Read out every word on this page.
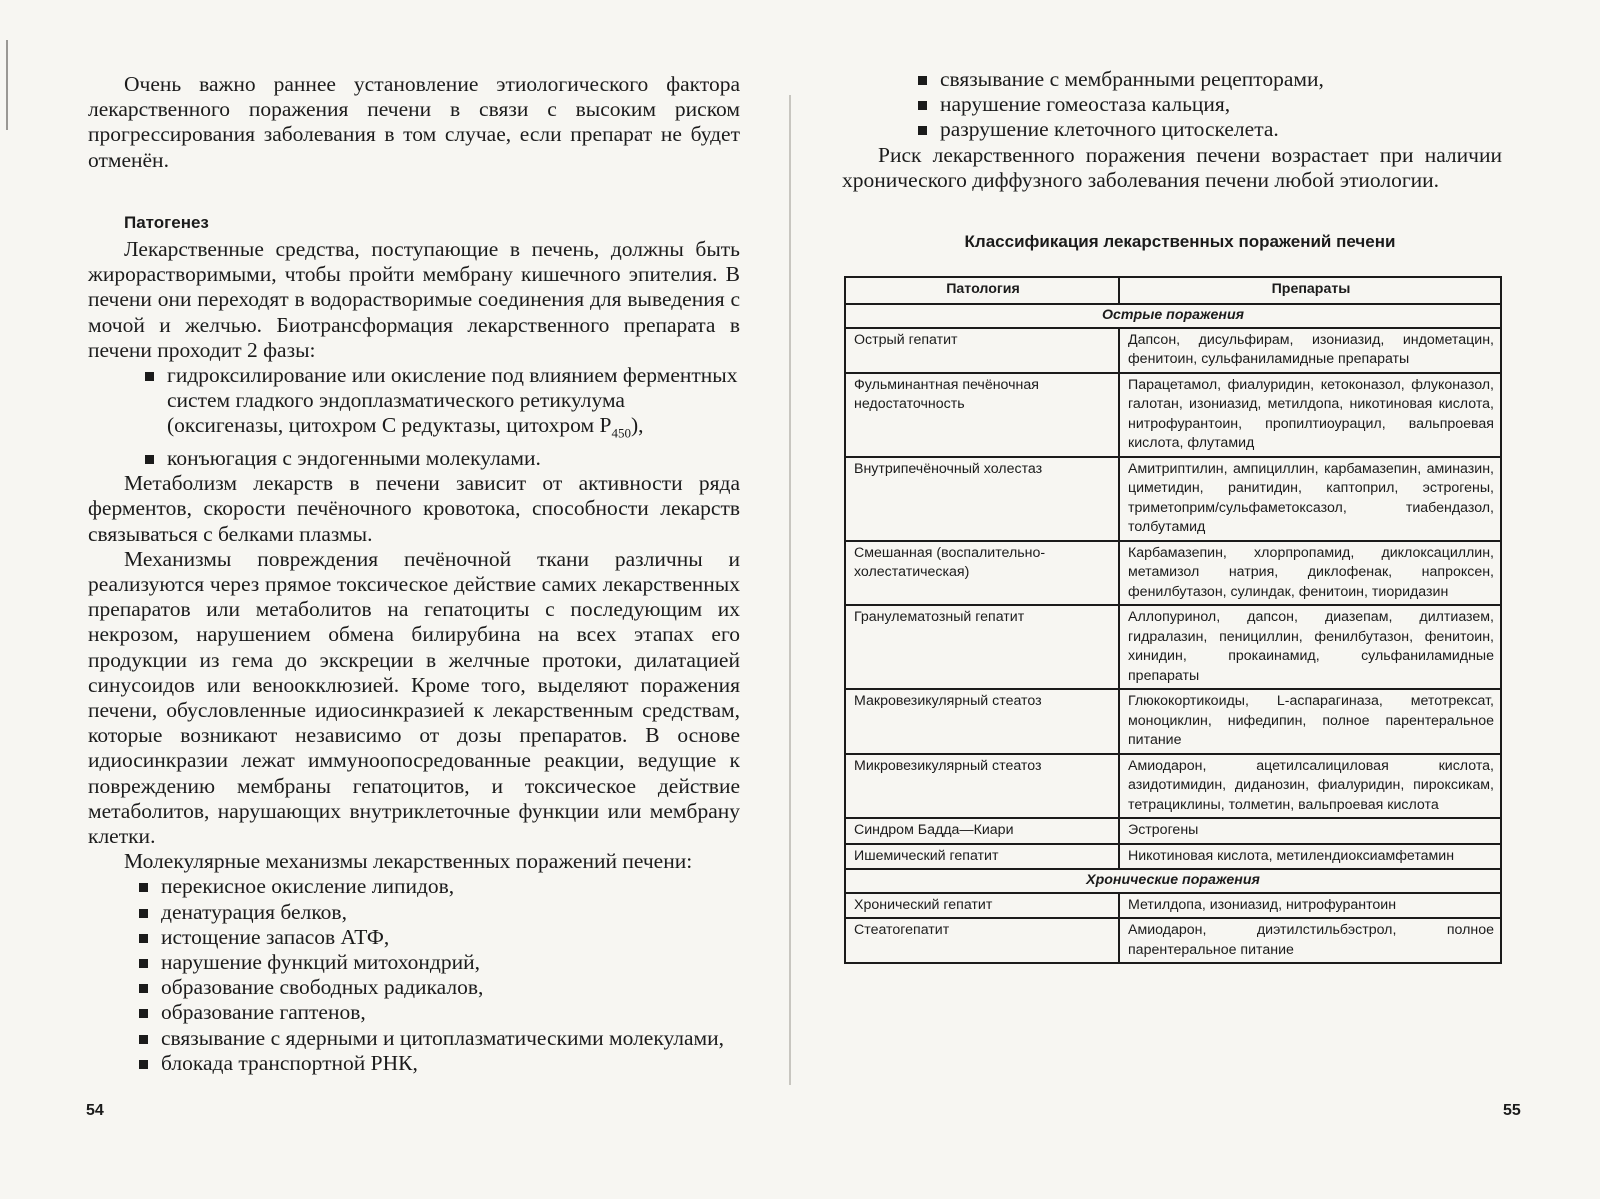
Очень важно раннее установление этиологического фактора лекарственного поражения печени в связи с высоким риском прогрессирования заболевания в том случае, если препарат не будет отменён.

Патогенез

Лекарственные средства, поступающие в печень, должны быть жирорастворимыми, чтобы пройти мембрану кишечного эпителия. В печени они переходят в водорастворимые соединения для выведения с мочой и желчью. Биотрансформация лекарственного препарата в печени проходит 2 фазы:

гидроксилирование или окисление под влиянием ферментных систем гладкого эндоплазматического ретикулума (оксигеназы, цитохром С редуктазы, цитохром $P_{450}$),
конъюгация с эндогенными молекулами.

Метаболизм лекарств в печени зависит от активности ряда ферментов, скорости печёночного кровотока, способности лекарств связываться с белками плазмы.

Механизмы повреждения печёночной ткани различны и реализуются через прямое токсическое действие самих лекарственных препаратов или метаболитов на гепатоциты с последующим их некрозом, нарушением обмена билирубина на всех этапах его продукции из гема до экскреции в желчные протоки, дилатацией синусоидов или веноокклюзией. Кроме того, выделяют поражения печени, обусловленные идиосинкразией к лекарственным средствам, которые возникают независимо от дозы препаратов. В основе идиосинкразии лежат иммуноопосредованные реакции, ведущие к повреждению мембраны гепатоцитов, и токсическое действие метаболитов, нарушающих внутриклеточные функции или мембрану клетки.

Молекулярные механизмы лекарственных поражений печени:

перекисное окисление липидов,
денатурация белков,
истощение запасов АТФ,
нарушение функций митохондрий,
образование свободных радикалов,
образование гаптенов,
связывание с ядерными и цитоплазматическими молекулами,
блокада транспортной РНК,
54
связывание с мембранными рецепторами,
нарушение гомеостаза кальция,
разрушение клеточного цитоскелета.

Риск лекарственного поражения печени возрастает при наличии хронического диффузного заболевания печени любой этиологии.

Классификация лекарственных поражений печени
Патология	Препараты
Острые поражения	
Острый гепатит	Дапсон, дисульфирам, изониазид, индометацин, фенитоин, сульфаниламидные препараты
Фульминантная печёночная недостаточность	Парацетамол, фиалуридин, кетоконазол, флуконазол, галотан, изониазид, метилдопа, никотиновая кислота, нитрофурантоин, пропилтиоурацил, вальпроевая кислота, флутамид
Внутрипечёночный холестаз	Амитриптилин, ампициллин, карбамазепин, аминазин, циметидин, ранитидин, каптоприл, эстрогены, триметоприм/сульфаметоксазол, тиабендазол, толбутамид
Смешанная (воспалительно-холестатическая)	Карбамазепин, хлорпропамид, диклоксациллин, метамизол натрия, диклофенак, напроксен, фенилбутазон, сулиндак, фенитоин, тиоридазин
Гранулематозный гепатит	Аллопуринол, дапсон, диазепам, дилтиазем, гидралазин, пенициллин, фенилбутазон, фенитоин, хинидин, прокаинамид, сульфаниламидные препараты
Макровезикулярный стеатоз	Глюкокортикоиды, L-аспарагиназа, метотрексат, моноциклин, нифедипин, полное парентеральное питание
Микровезикулярный стеатоз	Амиодарон, ацетилсалициловая кислота, азидотимидин, диданозин, фиалуридин, пироксикам, тетрациклины, толметин, вальпроевая кислота
Синдром Бадда—Киари	Эстрогены
Ишемический гепатит	Никотиновая кислота, метилендиоксиамфетамин
Хронические поражения	
Хронический гепатит	Метилдопа, изониазид, нитрофурантоин
Стеатогепатит	Амиодарон, диэтилстильбэстрол, полное парентеральное питание
55
